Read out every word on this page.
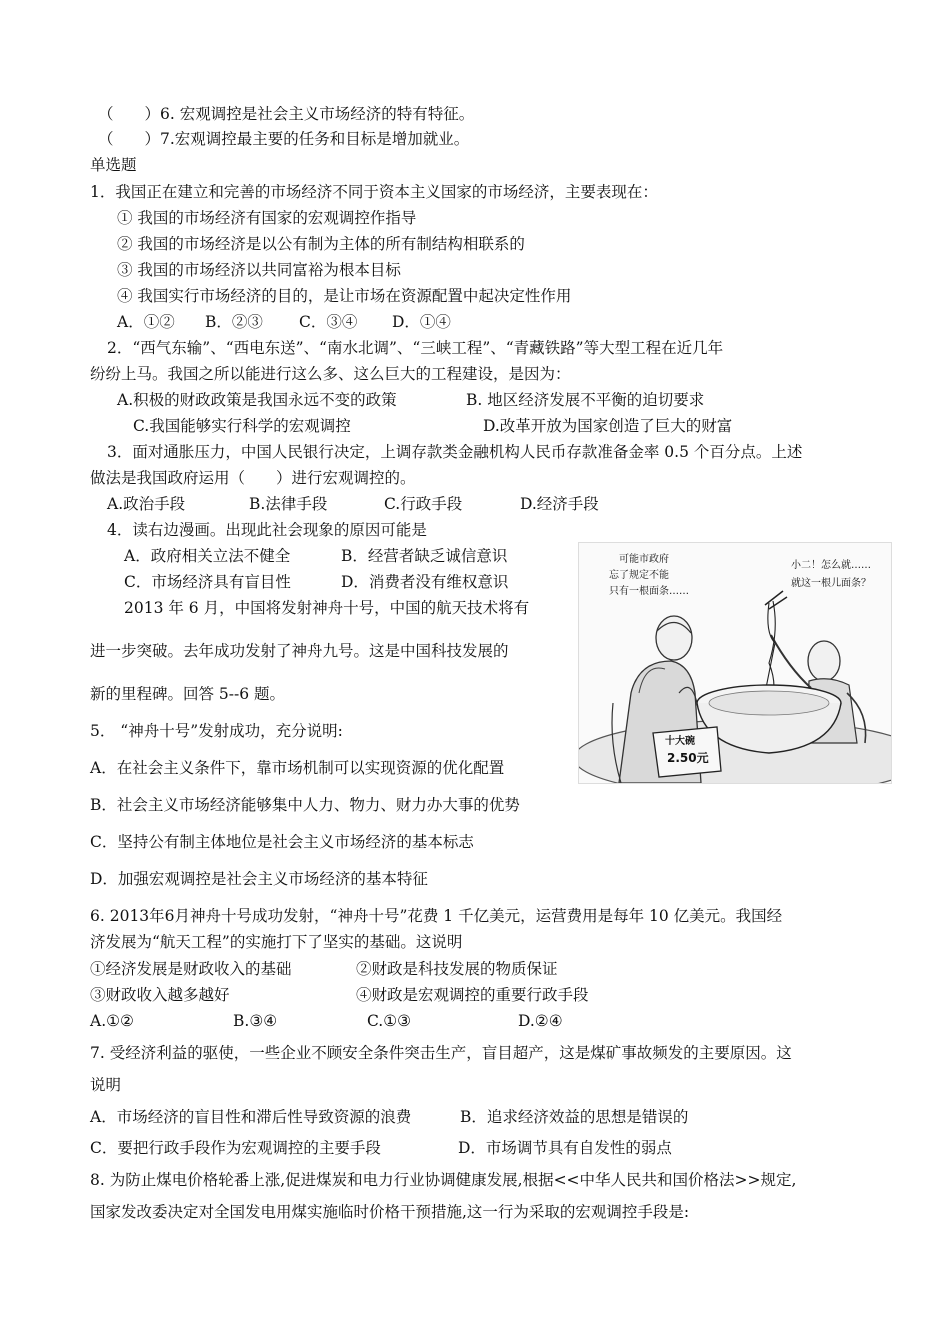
（　　）6. 宏观调控是社会主义市场经济的特有特征。
（　　）7.宏观调控最主要的任务和目标是增加就业。
单选题
1．我国正在建立和完善的市场经济不同于资本主义国家的市场经济，主要表现在：
① 我国的市场经济有国家的宏观调控作指导
② 我国的市场经济是以公有制为主体的所有制结构相联系的
③ 我国的市场经济以共同富裕为根本目标
④ 我国实行市场经济的目的，是让市场在资源配置中起决定性作用
A．①② B．②③ C．③④ D．①④
2．“西气东输”、“西电东送”、“南水北调”、“三峡工程”、“青藏铁路”等大型工程在近几年
纷纷上马。我国之所以能进行这么多、这么巨大的工程建设，是因为：
A.积极的财政政策是我国永远不变的政策	B. 地区经济发展不平衡的迫切要求
C.我国能够实行科学的宏观调控	D.改革开放为国家创造了巨大的财富
3．面对通胀压力，中国人民银行决定，上调存款类金融机构人民币存款准备金率 0.5 个百分点。上述
做法是我国政府运用（　　）进行宏观调控的。
A.政治手段	B.法律手段	C.行政手段	D.经济手段
4．读右边漫画。出现此社会现象的原因可能是
A．政府相关立法不健全	B．经营者缺乏诚信意识
C．市场经济具有盲目性	D．消费者没有维权意识
2013 年 6 月，中国将发射神舟十号，中国的航天技术将有
进一步突破。去年成功发射了神舟九号。这是中国科技发展的
新的里程碑。回答 5--6 题。
可能市政府
忘了规定不能
只有一根面条……
小二！怎么就……
就这一根儿面条？
十大碗
2.50元
5． “神舟十号”发射成功，充分说明:
A．在社会主义条件下，靠市场机制可以实现资源的优化配置
B．社会主义市场经济能够集中人力、物力、财力办大事的优势
C．坚持公有制主体地位是社会主义市场经济的基本标志
D．加强宏观调控是社会主义市场经济的基本特征
6. 2013年6月神舟十号成功发射，“神舟十号”花费 1 千亿美元，运营费用是每年 10 亿美元。我国经
济发展为“航天工程”的实施打下了坚实的基础。这说明
①经济发展是财政收入的基础	②财政是科技发展的物质保证
③财政收入越多越好	④财政是宏观调控的重要行政手段
A.①②	B.③④	C.①③	D.②④
7. 受经济利益的驱使，一些企业不顾安全条件突击生产，盲目超产，这是煤矿事故频发的主要原因。这
说明
A．市场经济的盲目性和滞后性导致资源的浪费	B．追求经济效益的思想是错误的
C．要把行政手段作为宏观调控的主要手段	D．市场调节具有自发性的弱点
8. 为防止煤电价格轮番上涨,促进煤炭和电力行业协调健康发展,根据<<中华人民共和国价格法>>规定,
国家发改委决定对全国发电用煤实施临时价格干预措施,这一行为采取的宏观调控手段是:
